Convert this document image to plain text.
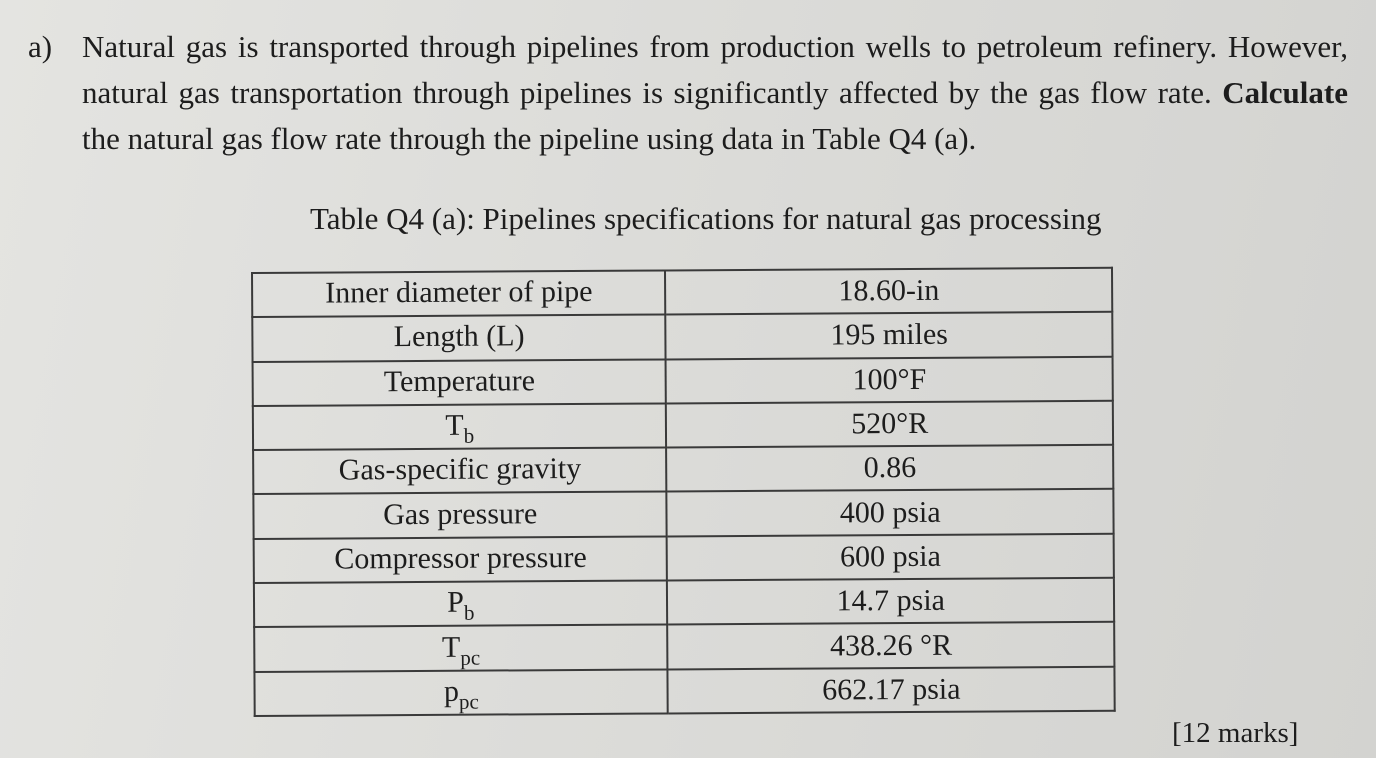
a) Natural gas is transported through pipelines from production wells to petroleum refinery. However, natural gas transportation through pipelines is significantly affected by the gas flow rate. Calculate the natural gas flow rate through the pipeline using data in Table Q4 (a).
Table Q4 (a): Pipelines specifications for natural gas processing
Inner diameter of pipe	18.60-in
Length (L)	195 miles
Temperature	100°F
$T_b$	520°R
Gas-specific gravity	0.86
Gas pressure	400 psia
Compressor pressure	600 psia
$P_b$	14.7 psia
$T_{pc}$	438.26 °R
$p_{pc}$	662.17 psia
[12 marks]
